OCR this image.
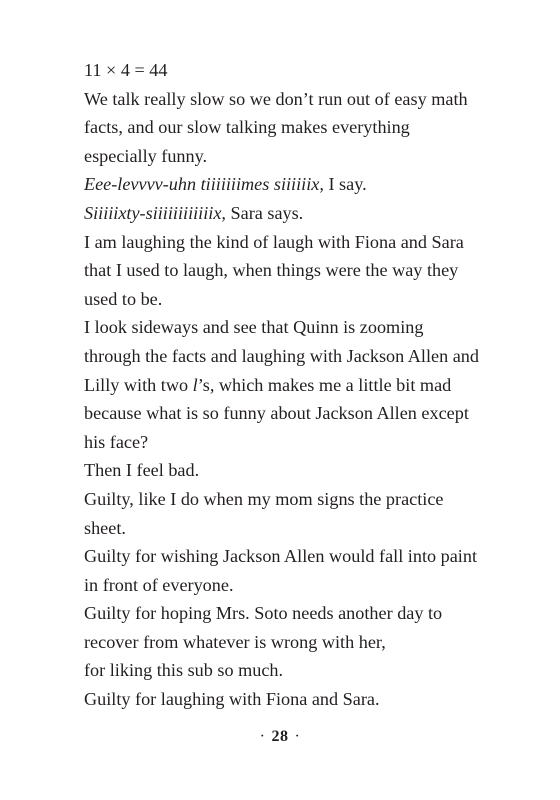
11 × 4 = 44

We talk really slow so we don’t run out of easy math facts, and our slow talking makes everything especially funny.

Eee-levvvv-uhn tiiiiiiimes siiiiiix, I say.

Siiiiixty-siiiiiiiiiiiix, Sara says.

I am laughing the kind of laugh with Fiona and Sara that I used to laugh, when things were the way they used to be.

I look sideways and see that Quinn is zooming through the facts and laughing with Jackson Allen and Lilly with two l’s, which makes me a little bit mad because what is so funny about Jackson Allen except his face?

Then I feel bad.

Guilty, like I do when my mom signs the practice sheet.

Guilty for wishing Jackson Allen would fall into paint in front of everyone.

Guilty for hoping Mrs. Soto needs another day to recover from whatever is wrong with her,

for liking this sub so much.

Guilty for laughing with Fiona and Sara.

· 28 ·
